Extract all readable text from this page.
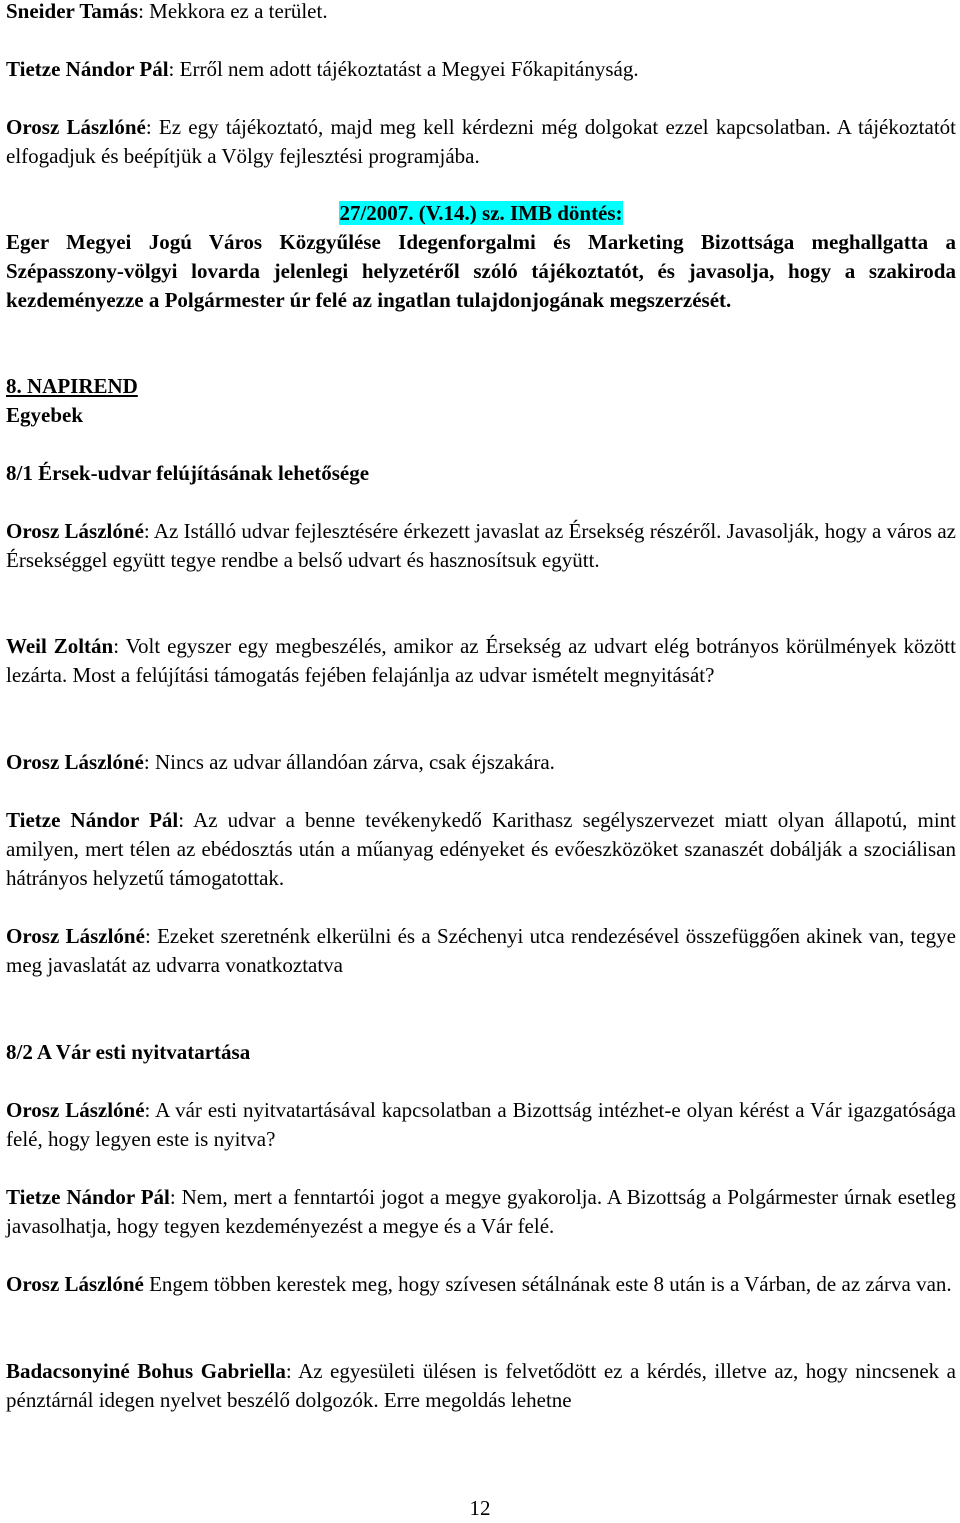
Sneider Tamás: Mekkora ez a terület.

Tietze Nándor Pál: Erről nem adott tájékoztatást a Megyei Főkapitányság.

Orosz Lászlóné: Ez egy tájékoztató, majd meg kell kérdezni még dolgokat ezzel kapcsolatban. A tájékoztatót elfogadjuk és beépítjük a Völgy fejlesztési programjába.

27/2007. (V.14.) sz. IMB döntés:

Eger Megyei Jogú Város Közgyűlése Idegenforgalmi és Marketing Bizottsága meghallgatta a Szépasszony-völgyi lovarda jelenlegi helyzetéről szóló tájékoztatót, és javasolja, hogy a szakiroda kezdeményezze a Polgármester úr felé az ingatlan tulajdonjogának megszerzését.

8. NAPIREND

Egyebek

8/1 Érsek-udvar felújításának lehetősége

Orosz Lászlóné: Az Istálló udvar fejlesztésére érkezett javaslat az Érsekség részéről. Javasolják, hogy a város az Érsekséggel együtt tegye rendbe a belső udvart és hasznosítsuk együtt.

Weil Zoltán: Volt egyszer egy megbeszélés, amikor az Érsekség az udvart elég botrányos körülmények között lezárta. Most a felújítási támogatás fejében felajánlja az udvar ismételt megnyitását?

Orosz Lászlóné: Nincs az udvar állandóan zárva, csak éjszakára.

Tietze Nándor Pál: Az udvar a benne tevékenykedő Karithasz segélyszervezet miatt olyan állapotú, mint amilyen, mert télen az ebédosztás után a műanyag edényeket és evőeszközöket szanaszét dobálják a szociálisan hátrányos helyzetű támogatottak.

Orosz Lászlóné: Ezeket szeretnénk elkerülni és a Széchenyi utca rendezésével összefüggően akinek van, tegye meg javaslatát az udvarra vonatkoztatva

8/2 A Vár esti nyitvatartása

Orosz Lászlóné: A vár esti nyitvatartásával kapcsolatban a Bizottság intézhet-e olyan kérést a Vár igazgatósága felé, hogy legyen este is nyitva?

Tietze Nándor Pál: Nem, mert a fenntartói jogot a megye gyakorolja. A Bizottság a Polgármester úrnak esetleg javasolhatja, hogy tegyen kezdeményezést a megye és a Vár felé.

Orosz Lászlóné Engem többen kerestek meg, hogy szívesen sétálnának este 8 után is a Várban, de az zárva van.

Badacsonyiné Bohus Gabriella: Az egyesületi ülésen is felvetődött ez a kérdés, illetve az, hogy nincsenek a pénztárnál idegen nyelvet beszélő dolgozók. Erre megoldás lehetne

12
